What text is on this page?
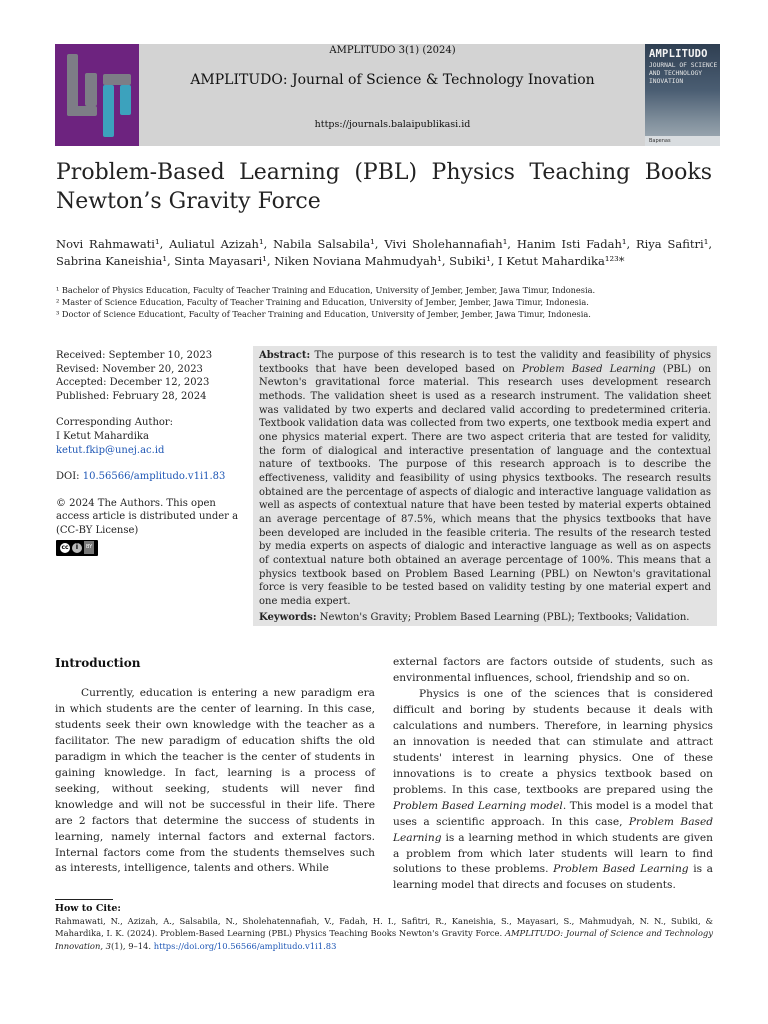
AMPLITUDO
JOURNAL OF SCIENCE AND TECHNOLOGY INOVATION
Bapenas
AMPLITUDO 3(1) (2024)
AMPLITUDO: Journal of Science & Technology Inovation
https://journals.balaipublikasi.id
Problem-Based Learning (PBL) Physics Teaching Books Newton’s Gravity Force
Novi Rahmawati¹, Auliatul Azizah¹, Nabila Salsabila¹, Vivi Sholehannafiah¹, Hanim Isti Fadah¹, Riya Safitri¹, Sabrina Kaneishia¹, Sinta Mayasari¹, Niken Noviana Mahmudyah¹, Subiki¹, I Ketut Mahardika¹²³*
¹ Bachelor of Physics Education, Faculty of Teacher Training and Education, University of Jember, Jember, Jawa Timur, Indonesia.
² Master of Science Education, Faculty of Teacher Training and Education, University of Jember, Jember, Jawa Timur, Indonesia.
³ Doctor of Science Educationt, Faculty of Teacher Training and Education, University of Jember, Jember, Jawa Timur, Indonesia.
Received: September 10, 2023
Revised: November 20, 2023
Accepted: December 12, 2023
Published: February 28, 2024
Corresponding Author:
I Ketut Mahardika
ketut.fkip@unej.ac.id
DOI: 10.56566/amplitudo.v1i1.83
© 2024 The Authors. This open access article is distributed under a (CC-BY License)
cc	i	BY
Abstract: The purpose of this research is to test the validity and feasibility of physics textbooks that have been developed based on Problem Based Learning (PBL) on Newton's gravitational force material. This research uses development research methods. The validation sheet is used as a research instrument. The validation sheet was validated by two experts and declared valid according to predetermined criteria. Textbook validation data was collected from two experts, one textbook media expert and one physics material expert. There are two aspect criteria that are tested for validity, the form of dialogical and interactive presentation of language and the contextual nature of textbooks. The purpose of this research approach is to describe the effectiveness, validity and feasibility of using physics textbooks. The research results obtained are the percentage of aspects of dialogic and interactive language validation as well as aspects of contextual nature that have been tested by material experts obtained an average percentage of 87.5%, which means that the physics textbooks that have been developed are included in the feasible criteria. The results of the research tested by media experts on aspects of dialogic and interactive language as well as on aspects of contextual nature both obtained an average percentage of 100%. This means that a physics textbook based on Problem Based Learning (PBL) on Newton's gravitational force is very feasible to be tested based on validity testing by one material expert and one media expert.
Keywords: Newton's Gravity; Problem Based Learning (PBL); Textbooks; Validation.
Introduction
Currently, education is entering a new paradigm era in which students are the center of learning. In this case, students seek their own knowledge with the teacher as a facilitator. The new paradigm of education shifts the old paradigm in which the teacher is the center of students in gaining knowledge. In fact, learning is a process of seeking, without seeking, students will never find knowledge and will not be successful in their life. There are 2 factors that determine the success of students in learning, namely internal factors and external factors. Internal factors come from the students themselves such as interests, intelligence, talents and others. While
external factors are factors outside of students, such as environmental influences, school, friendship and so on.
Physics is one of the sciences that is considered difficult and boring by students because it deals with calculations and numbers. Therefore, in learning physics an innovation is needed that can stimulate and attract students' interest in learning physics. One of these innovations is to create a physics textbook based on problems. In this case, textbooks are prepared using the Problem Based Learning model. This model is a model that uses a scientific approach. In this case, Problem Based Learning is a learning method in which students are given a problem from which later students will learn to find solutions to these problems. Problem Based Learning is a learning model that directs and focuses on students.
How to Cite:
Rahmawati, N., Azizah, A., Salsabila, N., Sholehatennafiah, V., Fadah, H. I., Safitri, R., Kaneishia, S., Mayasari, S., Mahmudyah, N. N., Subiki, & Mahardika, I. K. (2024). Problem-Based Learning (PBL) Physics Teaching Books Newton's Gravity Force. AMPLITUDO: Journal of Science and Technology Innovation, 3(1), 9–14. https://doi.org/10.56566/amplitudo.v1i1.83
